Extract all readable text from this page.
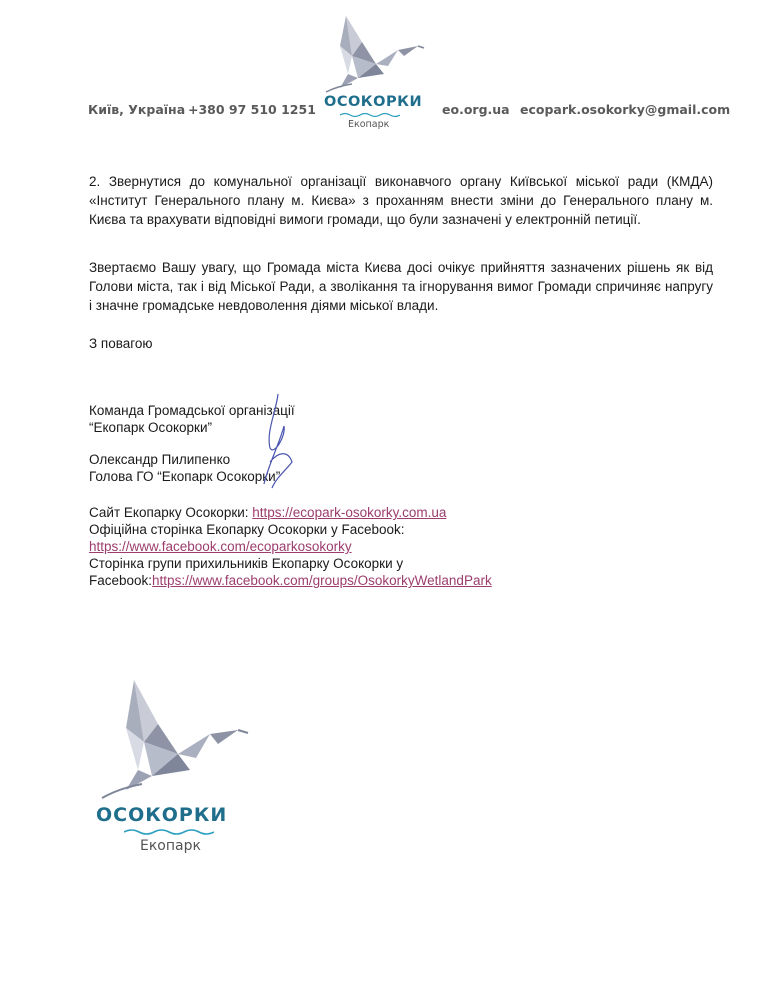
Київ, Україна +380 97 510 1251	eo.org.ua ecopark.osokorky@gmail.com
ОСОКОРКИ
Екопарк
2. Звернутися до комунальної організації виконавчого органу Київської міської ради (КМДА) «Інститут Генерального плану м. Києва» з проханням внести зміни до Генерального плану м. Києва та врахувати відповідні вимоги громади, що були зазначені у електронній петиції.
Звертаємо Вашу увагу, що Громада міста Києва досі очікує прийняття зазначених рішень як від Голови міста, так і від Міської Ради, а зволікання та ігнорування вимог Громади спричиняє напругу і значне громадське невдоволення діями міської влади.
З повагою
Команда Громадської організації
“Екопарк Осокорки”
Олександр Пилипенко
Голова ГО “Екопарк Осокорки”
Сайт Екопарку Осокорки: https://ecopark-osokorky.com.ua
Офіційна сторінка Екопарку Осокорки у Facebook:
https://www.facebook.com/ecoparkosokorky
Сторінка групи прихильників Екопарку Осокорки у
Facebook:https://www.facebook.com/groups/OsokorkyWetlandPark
ОСОКОРКИ
Екопарк
